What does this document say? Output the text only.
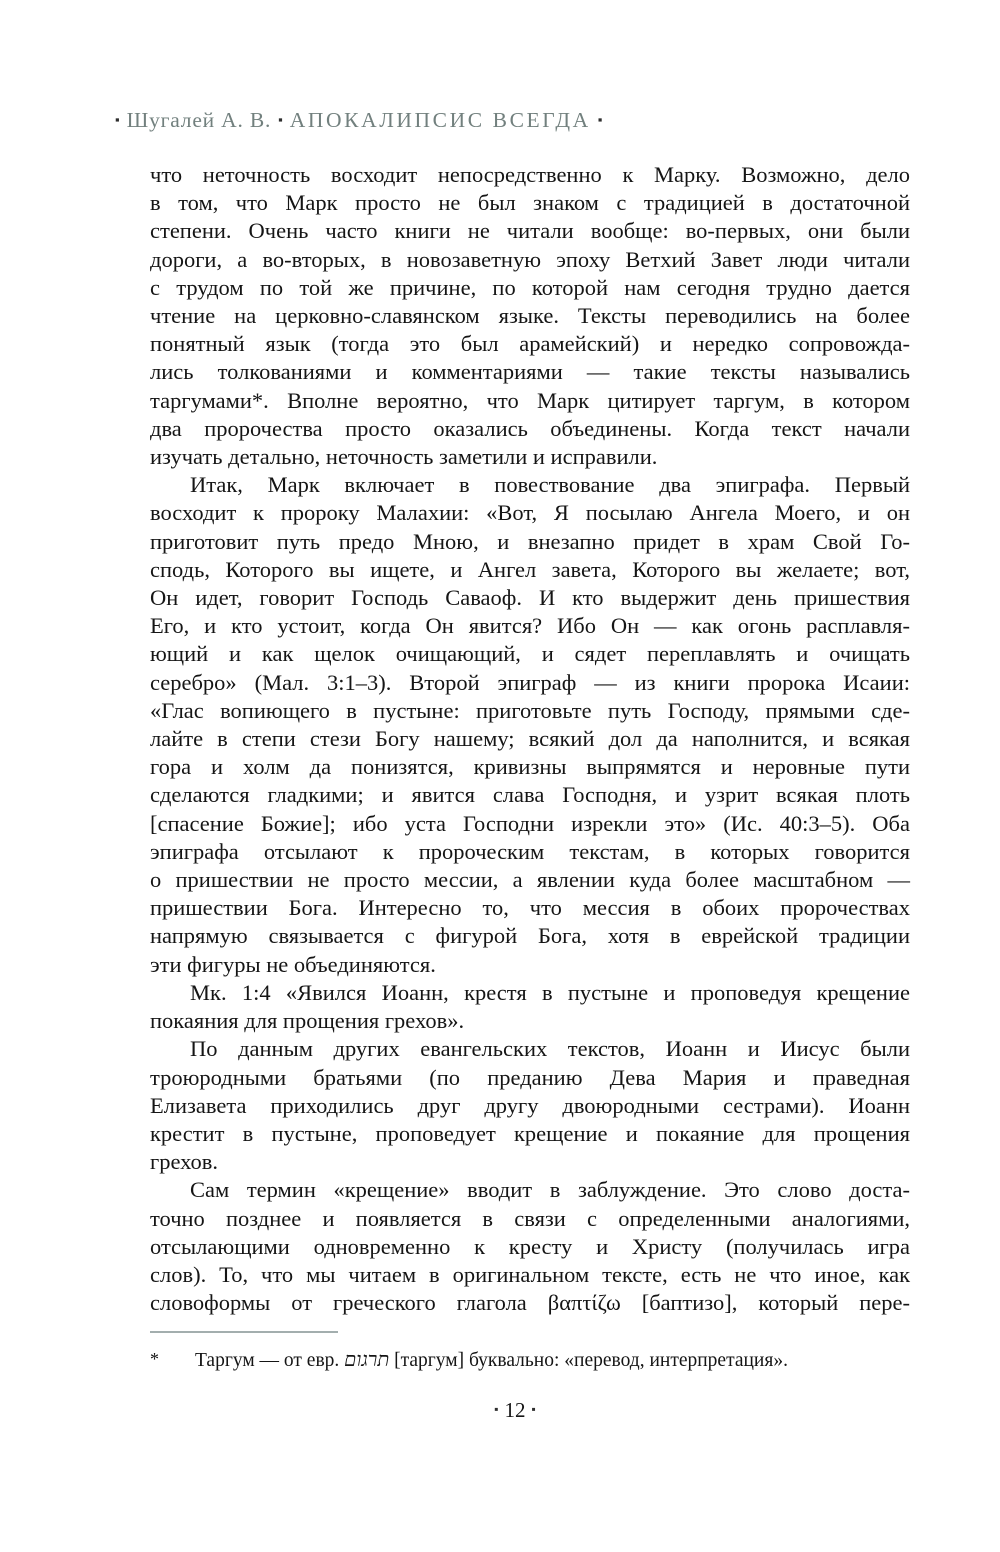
▪ Шугалей А. В. ▪ АПОКАЛИПСИС ВСЕГДА ▪

что неточность восходит непосредственно к Марку. Возможно, дело
в том, что Марк просто не был знаком с традицией в достаточной
степени. Очень часто книги не читали вообще: во-первых, они были
дороги, а во-вторых, в новозаветную эпоху Ветхий Завет люди читали
с трудом по той же причине, по которой нам сегодня трудно дается
чтение на церковно-славянском языке. Тексты переводились на более
понятный язык (тогда это был арамейский) и нередко сопровожда-
лись толкованиями и комментариями — такие тексты назывались
таргумами*. Вполне вероятно, что Марк цитирует таргум, в котором
два пророчества просто оказались объединены. Когда текст начали
изучать детально, неточность заметили и исправили.

Итак, Марк включает в повествование два эпиграфа. Первый
восходит к пророку Малахии: «Вот, Я посылаю Ангела Моего, и он
приготовит путь предо Мною, и внезапно придет в храм Свой Го-
сподь, Которого вы ищете, и Ангел завета, Которого вы желаете; вот,
Он идет, говорит Господь Саваоф. И кто выдержит день пришествия
Его, и кто устоит, когда Он явится? Ибо Он — как огонь расплавля-
ющий и как щелок очищающий, и сядет переплавлять и очищать
серебро» (Мал. 3:1–3). Второй эпиграф — из книги пророка Исаии:
«Глас вопиющего в пустыне: приготовьте путь Господу, прямыми сде-
лайте в степи стези Богу нашему; всякий дол да наполнится, и всякая
гора и холм да понизятся, кривизны выпрямятся и неровные пути
сделаются гладкими; и явится слава Господня, и узрит всякая плоть
[спасение Божие]; ибо уста Господни изрекли это» (Ис. 40:3–5). Оба
эпиграфа отсылают к пророческим текстам, в которых говорится
о пришествии не просто мессии, а явлении куда более масштабном —
пришествии Бога. Интересно то, что мессия в обоих пророчествах
напрямую связывается с фигурой Бога, хотя в еврейской традиции
эти фигуры не объединяются.

Мк. 1:4 «Явился Иоанн, крестя в пустыне и проповедуя крещение
покаяния для прощения грехов».

По данным других евангельских текстов, Иоанн и Иисус были
троюродными братьями (по преданию Дева Мария и праведная
Елизавета приходились друг другу двоюродными сестрами). Иоанн
крестит в пустыне, проповедует крещение и покаяние для прощения
грехов.

Сам термин «крещение» вводит в заблуждение. Это слово доста-
точно позднее и появляется в связи с определенными аналогиями,
отсылающими одновременно к кресту и Христу (получилась игра
слов). То, что мы читаем в оригинальном тексте, есть не что иное, как
словоформы от греческого глагола βαπτίζω [баптизо], который пере-

* Таргум — от евр. תרגום [таргум] буквально: «перевод, интерпретация».
▪ 12 ▪
